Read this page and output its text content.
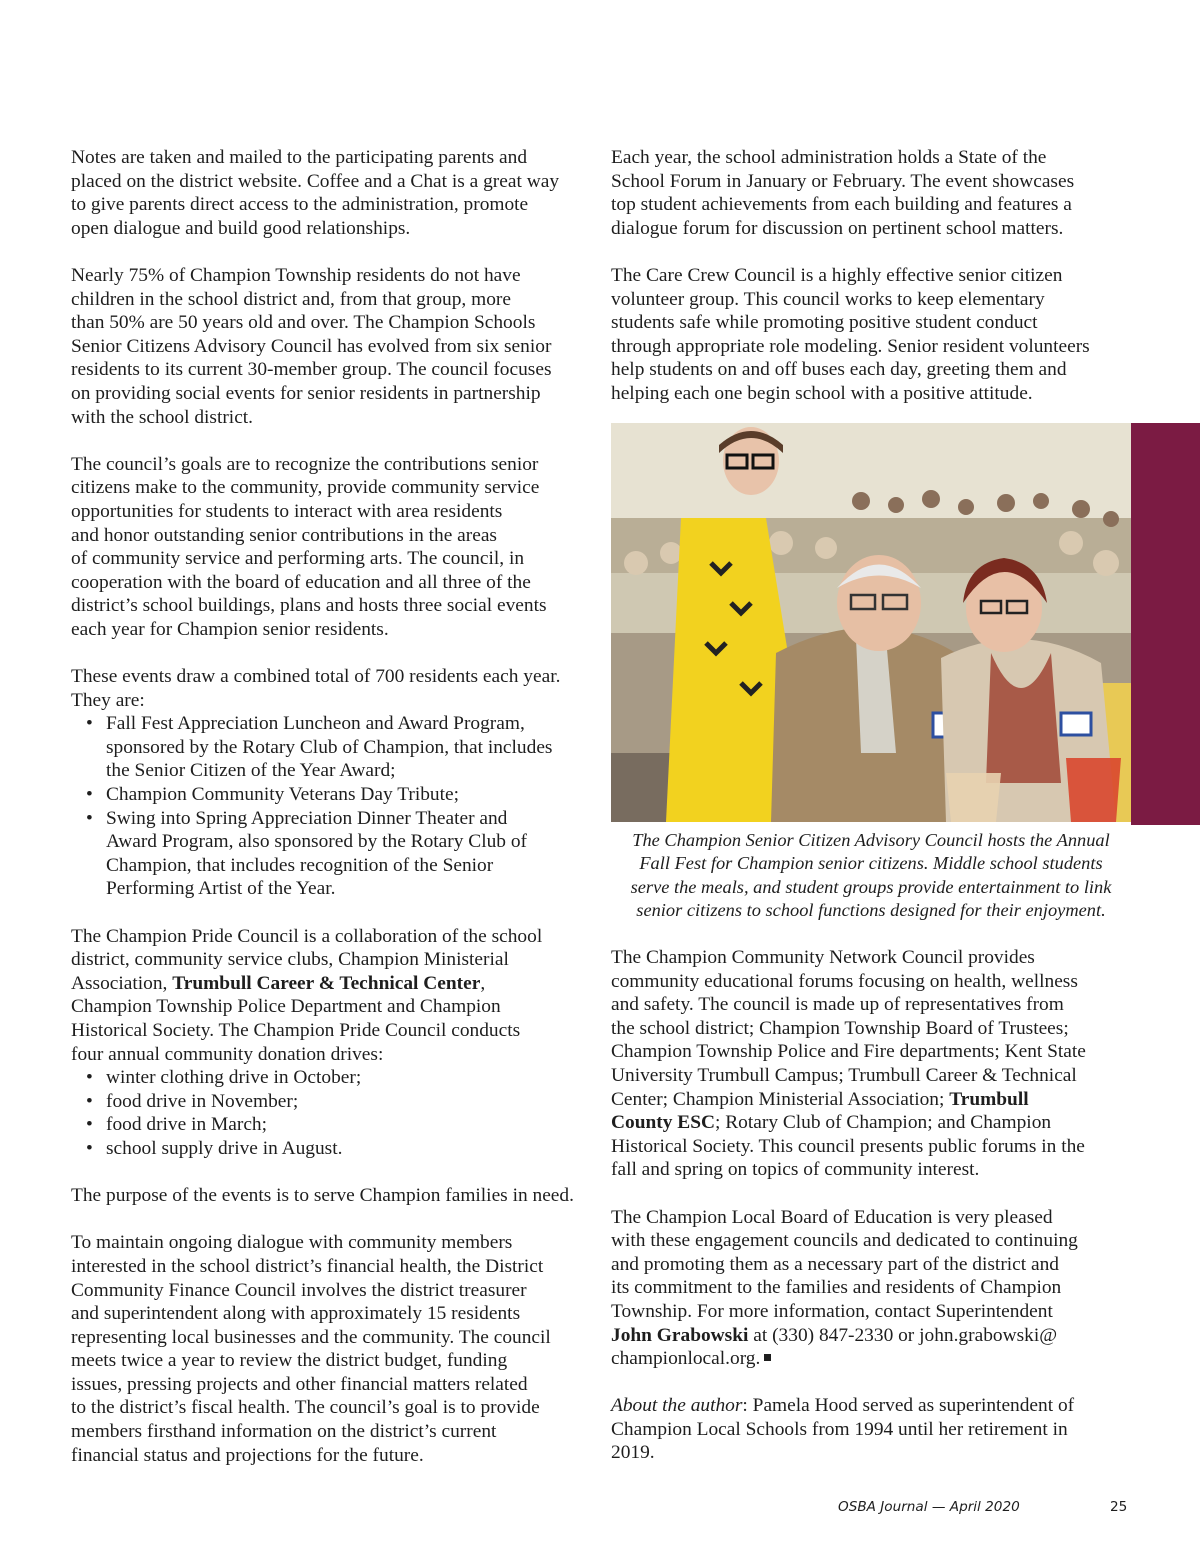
Notes are taken and mailed to the participating parents and
placed on the district website. Coffee and a Chat is a great way
to give parents direct access to the administration, promote
open dialogue and build good relationships.

Nearly 75% of Champion Township residents do not have
children in the school district and, from that group, more
than 50% are 50 years old and over. The Champion Schools
Senior Citizens Advisory Council has evolved from six senior
residents to its current 30-member group. The council focuses
on providing social events for senior residents in partnership
with the school district.

The council’s goals are to recognize the contributions senior
citizens make to the community, provide community service
opportunities for students to interact with area residents
and honor outstanding senior contributions in the areas
of community service and performing arts. The council, in
cooperation with the board of education and all three of the
district’s school buildings, plans and hosts three social events
each year for Champion senior residents.

These events draw a combined total of 700 residents each year.
They are:
• Fall Fest Appreciation Luncheon and Award Program,
sponsored by the Rotary Club of Champion, that includes
the Senior Citizen of the Year Award;
• Champion Community Veterans Day Tribute;
• Swing into Spring Appreciation Dinner Theater and
Award Program, also sponsored by the Rotary Club of
Champion, that includes recognition of the Senior
Performing Artist of the Year.
The Champion Pride Council is a collaboration of the school
district, community service clubs, Champion Ministerial
Association, Trumbull Career & Technical Center,
Champion Township Police Department and Champion
Historical Society. The Champion Pride Council conducts
four annual community donation drives:
• winter clothing drive in October;
• food drive in November;
• food drive in March;
• school supply drive in August.

The purpose of the events is to serve Champion families in need.

To maintain ongoing dialogue with community members
interested in the school district’s financial health, the District
Community Finance Council involves the district treasurer
and superintendent along with approximately 15 residents
representing local businesses and the community. The council
meets twice a year to review the district budget, funding
issues, pressing projects and other financial matters related
to the district’s fiscal health. The council’s goal is to provide
members firsthand information on the district’s current
financial status and projections for the future.

Each year, the school administration holds a State of the
School Forum in January or February. The event showcases
top student achievements from each building and features a
dialogue forum for discussion on pertinent school matters.

The Care Crew Council is a highly effective senior citizen
volunteer group. This council works to keep elementary
students safe while promoting positive student conduct
through appropriate role modeling. Senior resident volunteers
help students on and off buses each day, greeting them and
helping each one begin school with a positive attitude.

The Champion Senior Citizen Advisory Council hosts the Annual
Fall Fest for Champion senior citizens. Middle school students
serve the meals, and student groups provide entertainment to link
senior citizens to school functions designed for their enjoyment.

The Champion Community Network Council provides
community educational forums focusing on health, wellness
and safety. The council is made up of representatives from
the school district; Champion Township Board of Trustees;
Champion Township Police and Fire departments; Kent State
University Trumbull Campus; Trumbull Career & Technical
Center; Champion Ministerial Association; Trumbull
County ESC; Rotary Club of Champion; and Champion
Historical Society. This council presents public forums in the
fall and spring on topics of community interest.

The Champion Local Board of Education is very pleased
with these engagement councils and dedicated to continuing
and promoting them as a necessary part of the district and
its commitment to the families and residents of Champion
Township. For more information, contact Superintendent
John Grabowski at (330) 847-2330 or john.grabowski@
championlocal.org.

About the author: Pamela Hood served as superintendent of
Champion Local Schools from 1994 until her retirement in
2019.

OSBA Journal — April 2020	25
